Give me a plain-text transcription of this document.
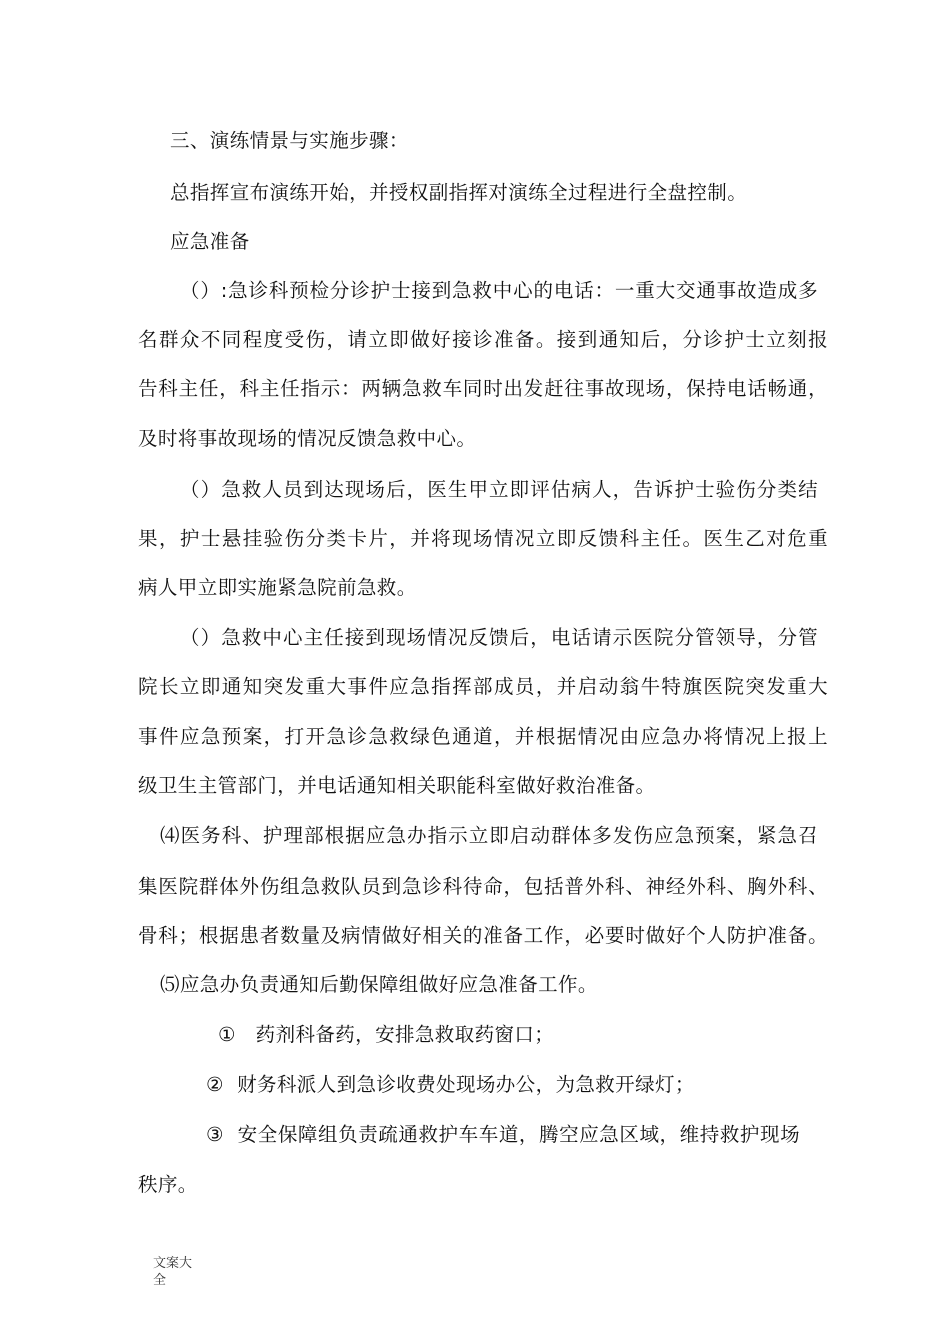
三、演练情景与实施步骤：

总指挥宣布演练开始，并授权副指挥对演练全过程进行全盘控制。

应急准备

（）:急诊科预检分诊护士接到急救中心的电话：一重大交通事故造成多

名群众不同程度受伤，请立即做好接诊准备。接到通知后，分诊护士立刻报

告科主任，科主任指示：两辆急救车同时出发赶往事故现场，保持电话畅通，

及时将事故现场的情况反馈急救中心。

（）急救人员到达现场后，医生甲立即评估病人，告诉护士验伤分类结

果，护士悬挂验伤分类卡片，并将现场情况立即反馈科主任。医生乙对危重

病人甲立即实施紧急院前急救。

（）急救中心主任接到现场情况反馈后，电话请示医院分管领导，分管

院长立即通知突发重大事件应急指挥部成员，并启动翁牛特旗医院突发重大

事件应急预案，打开急诊急救绿色通道，并根据情况由应急办将情况上报上

级卫生主管部门，并电话通知相关职能科室做好救治准备。

⑷医务科、护理部根据应急办指示立即启动群体多发伤应急预案，紧急召

集医院群体外伤组急救队员到急诊科待命，包括普外科、神经外科、胸外科、

骨科；根据患者数量及病情做好相关的准备工作，必要时做好个人防护准备。

⑸应急办负责通知后勤保障组做好应急准备工作。

①   药剂科备药，安排急救取药窗口；

②  财务科派人到急诊收费处现场办公，为急救开绿灯；

③  安全保障组负责疏通救护车车道，腾空应急区域，维持救护现场

秩序。

文案大

全
